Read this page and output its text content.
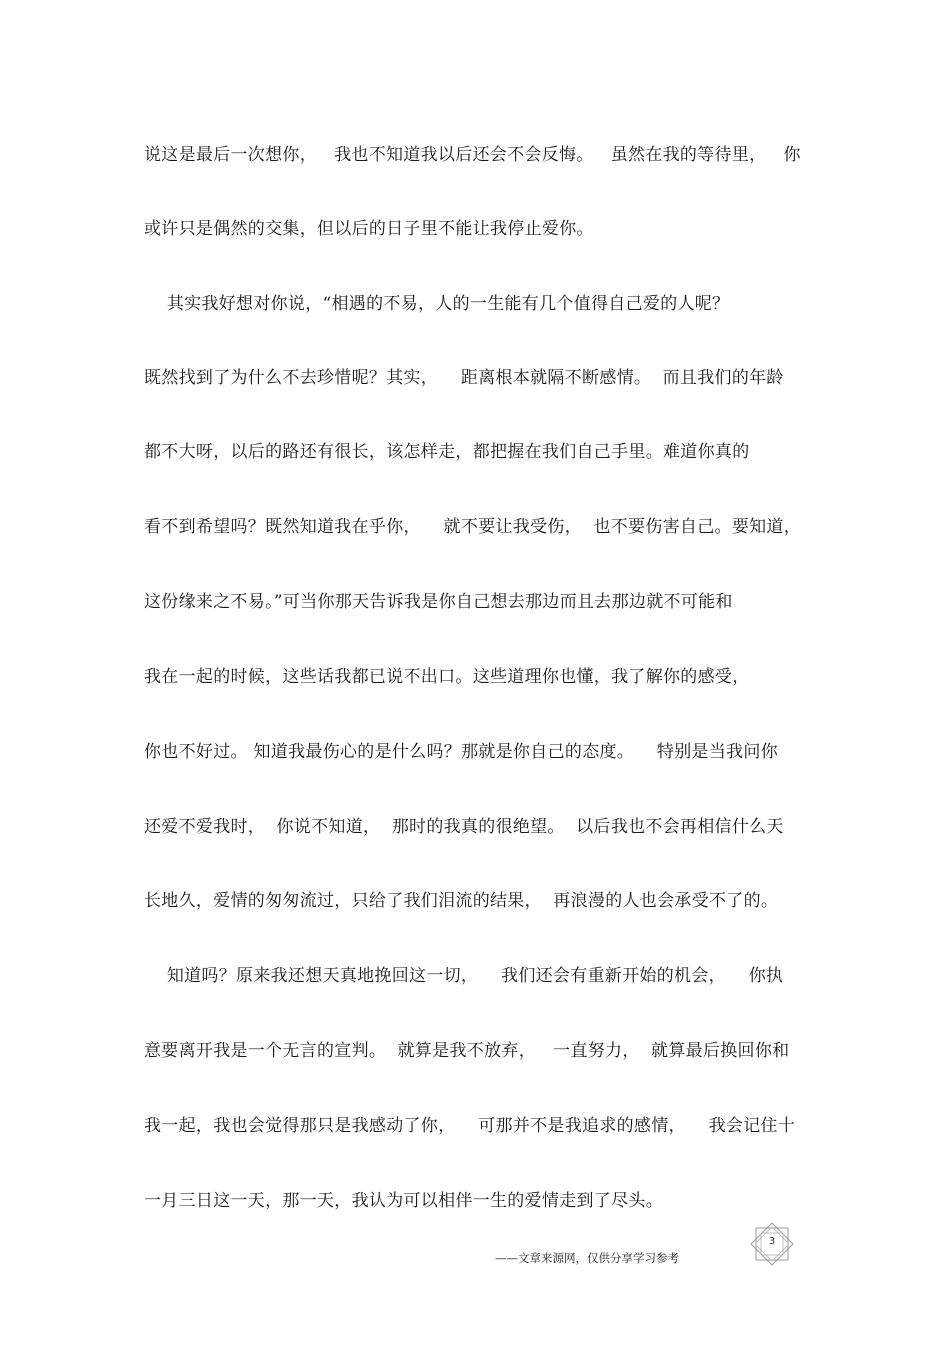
说这是最后一次想你，   我也不知道我以后还会不会反悔。   虽然在我的等待里，   你
或许只是偶然的交集，但以后的日子里不能让我停止爱你。
其实我好想对你说，“相遇的不易，人的一生能有几个值得自己爱的人呢？
既然找到了为什么不去珍惜呢？其实，    距离根本就隔不断感情。  而且我们的年龄
都不大呀，以后的路还有很长，该怎样走，都把握在我们自己手里。难道你真的
看不到希望吗？既然知道我在乎你，    就不要让我受伤，  也不要伤害自己。要知道，
这份缘来之不易。”可当你那天告诉我是你自己想去那边而且去那边就不可能和
我在一起的时候，这些话我都已说不出口。这些道理你也懂，我了解你的感受，
你也不好过。 知道我最伤心的是什么吗？那就是你自己的态度。    特别是当我问你
还爱不爱我时，  你说不知道，  那时的我真的很绝望。  以后我也不会再相信什么天
长地久，爱情的匆匆流过，只给了我们泪流的结果，  再浪漫的人也会承受不了的。
知道吗？原来我还想天真地挽回这一切，    我们还会有重新开始的机会，    你执
意要离开我是一个无言的宣判。  就算是我不放弃，   一直努力，  就算最后换回你和
我一起，我也会觉得那只是我感动了你，    可那并不是我追求的感情，    我会记住十
一月三日这一天，那一天，我认为可以相伴一生的爱情走到了尽头。
3
——文章来源网，仅供分享学习参考
